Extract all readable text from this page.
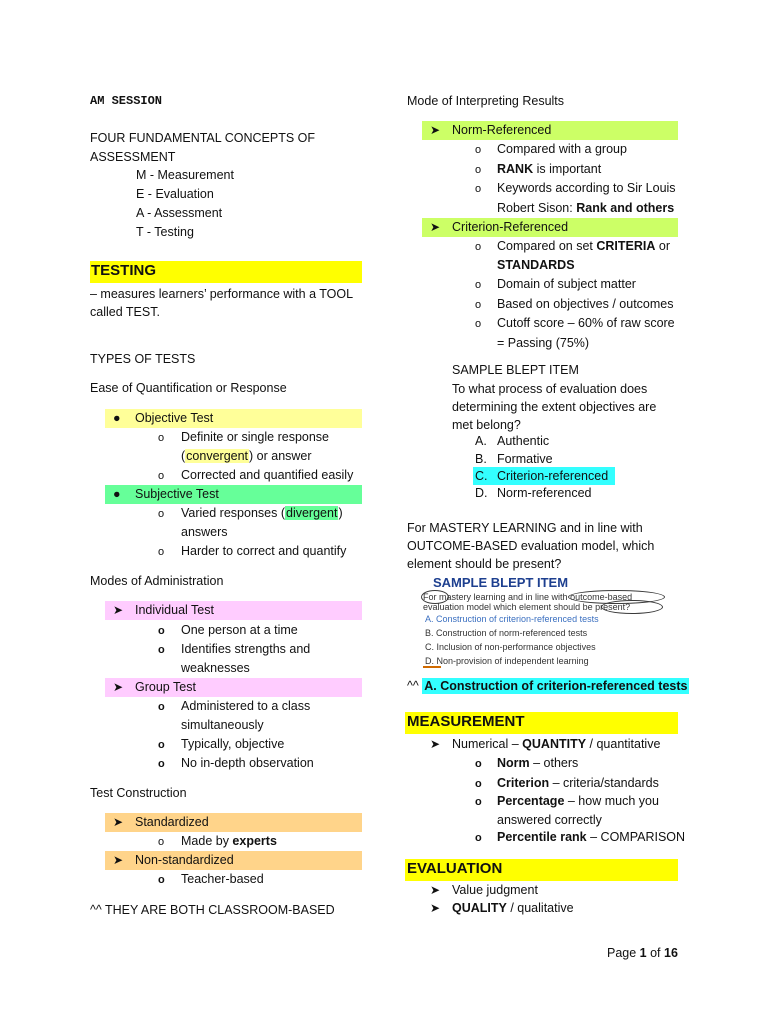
AM SESSION
FOUR FUNDAMENTAL CONCEPTS OF
ASSESSMENT
M - Measurement
E - Evaluation
A - Assessment
T - Testing
TESTING
– measures learners’ performance with a TOOL
called TEST.
TYPES OF TESTS
Ease of Quantification or Response
● Objective Test
o Definite or single response
(convergent) or answer
o Corrected and quantified easily
● Subjective Test
o Varied responses (divergent)
answers
o Harder to correct and quantify
Modes of Administration
➤ Individual Test
o One person at a time
o Identifies strengths and
weaknesses
➤ Group Test
o Administered to a class
simultaneously
o Typically, objective
o No in-depth observation
Test Construction
➤ Standardized
o Made by experts
➤ Non-standardized
o Teacher-based
^^ THEY ARE BOTH CLASSROOM-BASED
Mode of Interpreting Results
➤ Norm-Referenced
o Compared with a group
o RANK is important
o Keywords according to Sir Louis
Robert Sison: Rank and others
➤ Criterion-Referenced
o Compared on set CRITERIA or
STANDARDS
o Domain of subject matter
o Based on objectives / outcomes
o Cutoff score – 60% of raw score
= Passing (75%)
SAMPLE BLEPT ITEM
To what process of evaluation does
determining the extent objectives are
met belong?
A. Authentic
B. Formative
C. Criterion-referenced
D. Norm-referenced
For MASTERY LEARNING and in line with
OUTCOME-BASED evaluation model, which
element should be present?
SAMPLE BLEPT ITEM
For mastery learning and in line with outcome-based
evaluation model which element should be present?
A. Construction of criterion-referenced tests
B. Construction of norm-referenced tests
C. Inclusion of non-performance objectives
D. Non-provision of independent learning
^^ A. Construction of criterion-referenced tests
MEASUREMENT
➤ Numerical – QUANTITY / quantitative
o Norm – others
o Criterion – criteria/standards
o Percentage – how much you
answered correctly
o Percentile rank – COMPARISON
EVALUATION
➤ Value judgment
➤ QUALITY / qualitative
Page 1 of 16
